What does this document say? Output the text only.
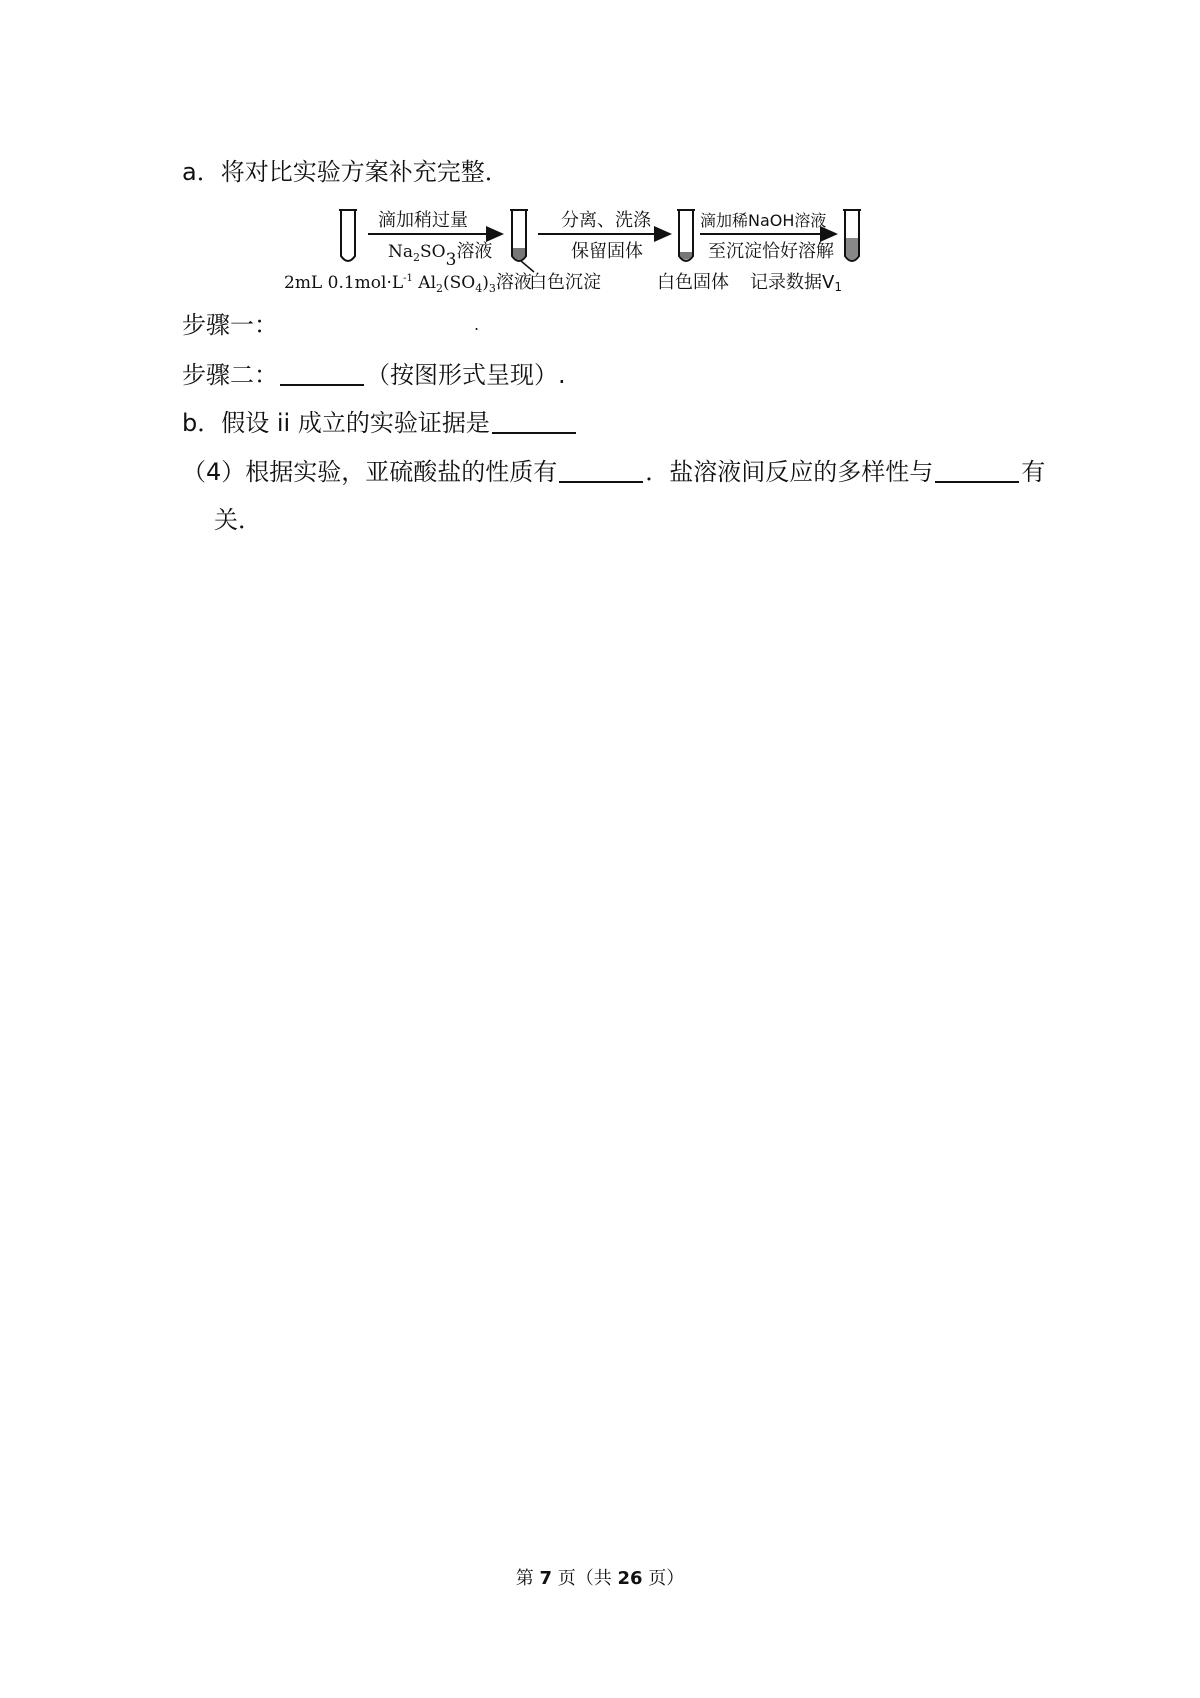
a．将对比实验方案补充完整．
滴加稍过量
$Na_2SO3$溶液
分离、洗涤
保留固体
滴加稀NaOH溶液
至沉淀恰好溶解
2mL $0.1mol\cdot L^{-1}$ $Al_2(SO_4)_3$溶液
白色沉淀	白色固体 记录数据V1
步骤一：	.
步骤二：	（按图形式呈现）.
b．假设 ii 成立的实验证据是
（4）根据实验，亚硫酸盐的性质有	．盐溶液间反应的多样性与	有
关．
第 7 页（共 26 页）
